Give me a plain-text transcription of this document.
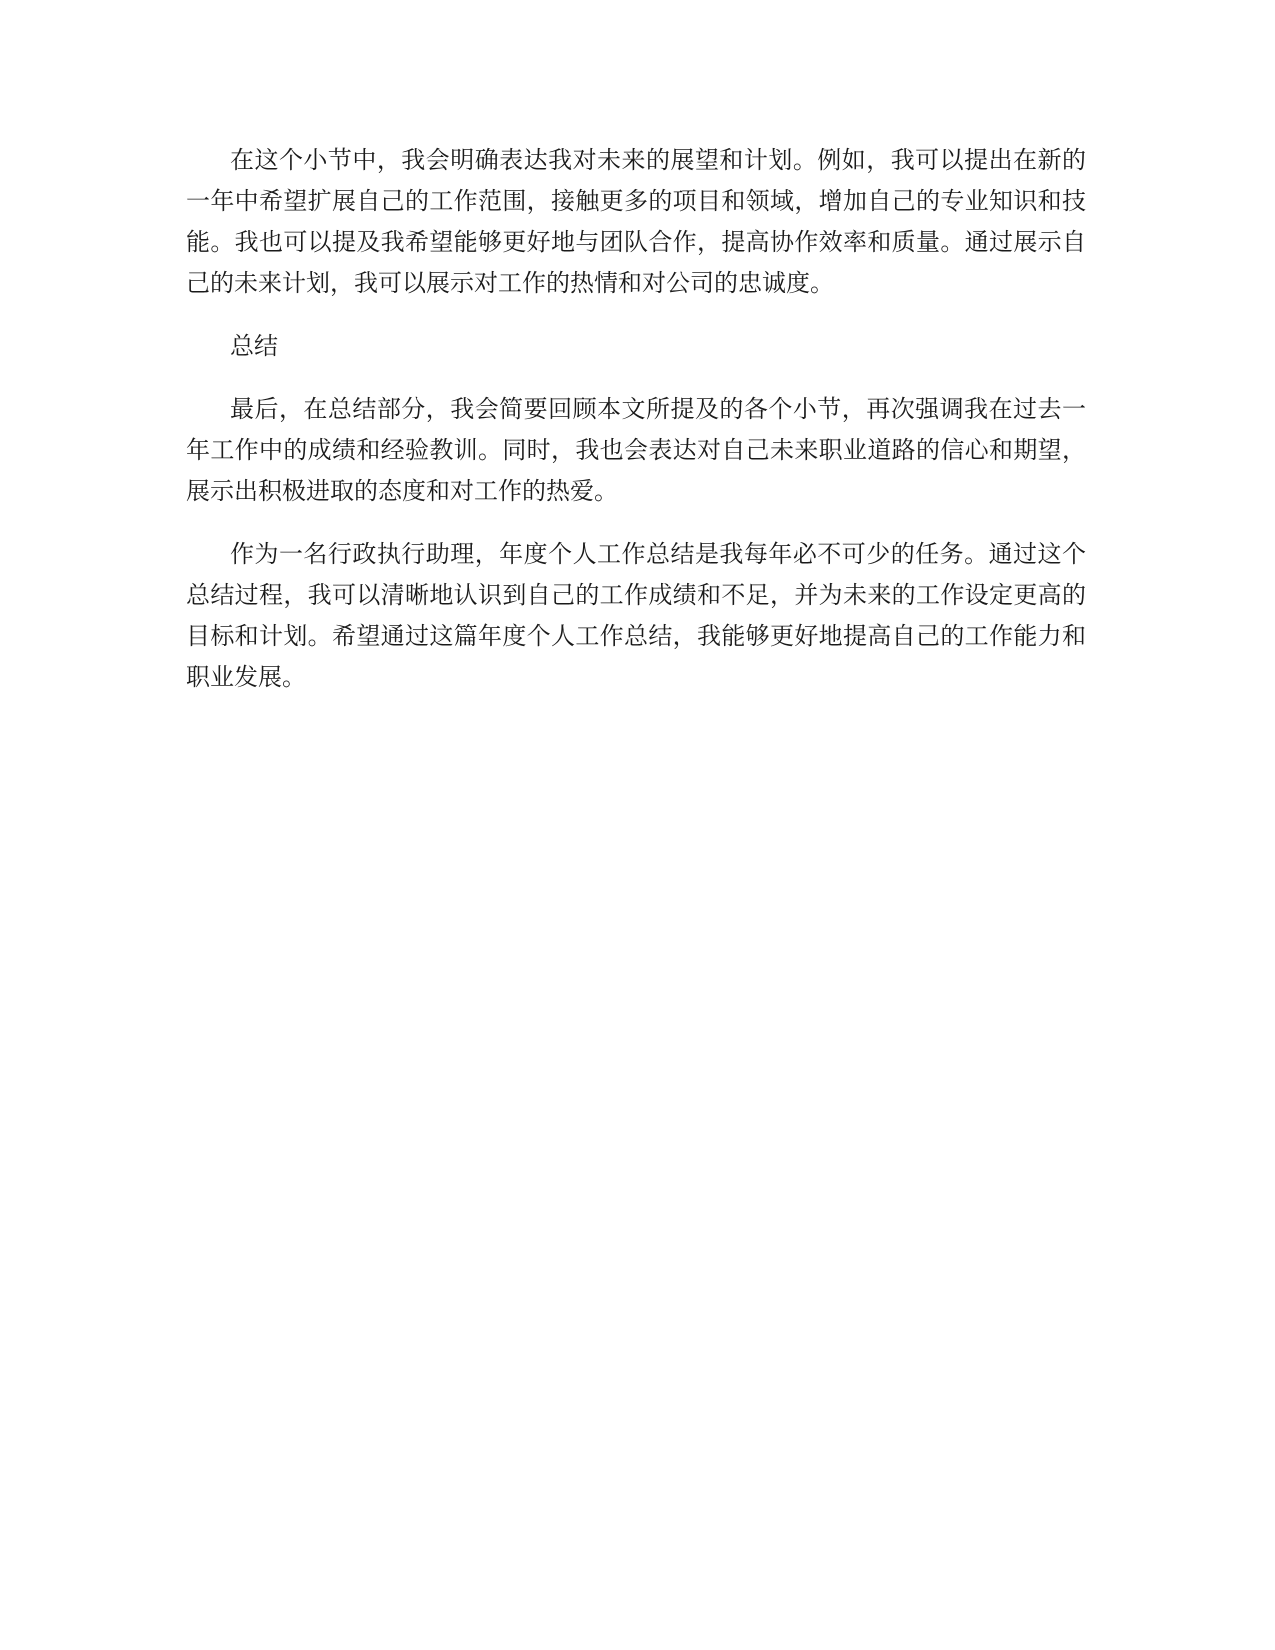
在这个小节中，我会明确表达我对未来的展望和计划。例如，我可以提出在新的一年中希望扩展自己的工作范围，接触更多的项目和领域，增加自己的专业知识和技能。我也可以提及我希望能够更好地与团队合作，提高协作效率和质量。通过展示自己的未来计划，我可以展示对工作的热情和对公司的忠诚度。

总结

最后，在总结部分，我会简要回顾本文所提及的各个小节，再次强调我在过去一年工作中的成绩和经验教训。同时，我也会表达对自己未来职业道路的信心和期望，展示出积极进取的态度和对工作的热爱。

作为一名行政执行助理，年度个人工作总结是我每年必不可少的任务。通过这个总结过程，我可以清晰地认识到自己的工作成绩和不足，并为未来的工作设定更高的目标和计划。希望通过这篇年度个人工作总结，我能够更好地提高自己的工作能力和职业发展。
